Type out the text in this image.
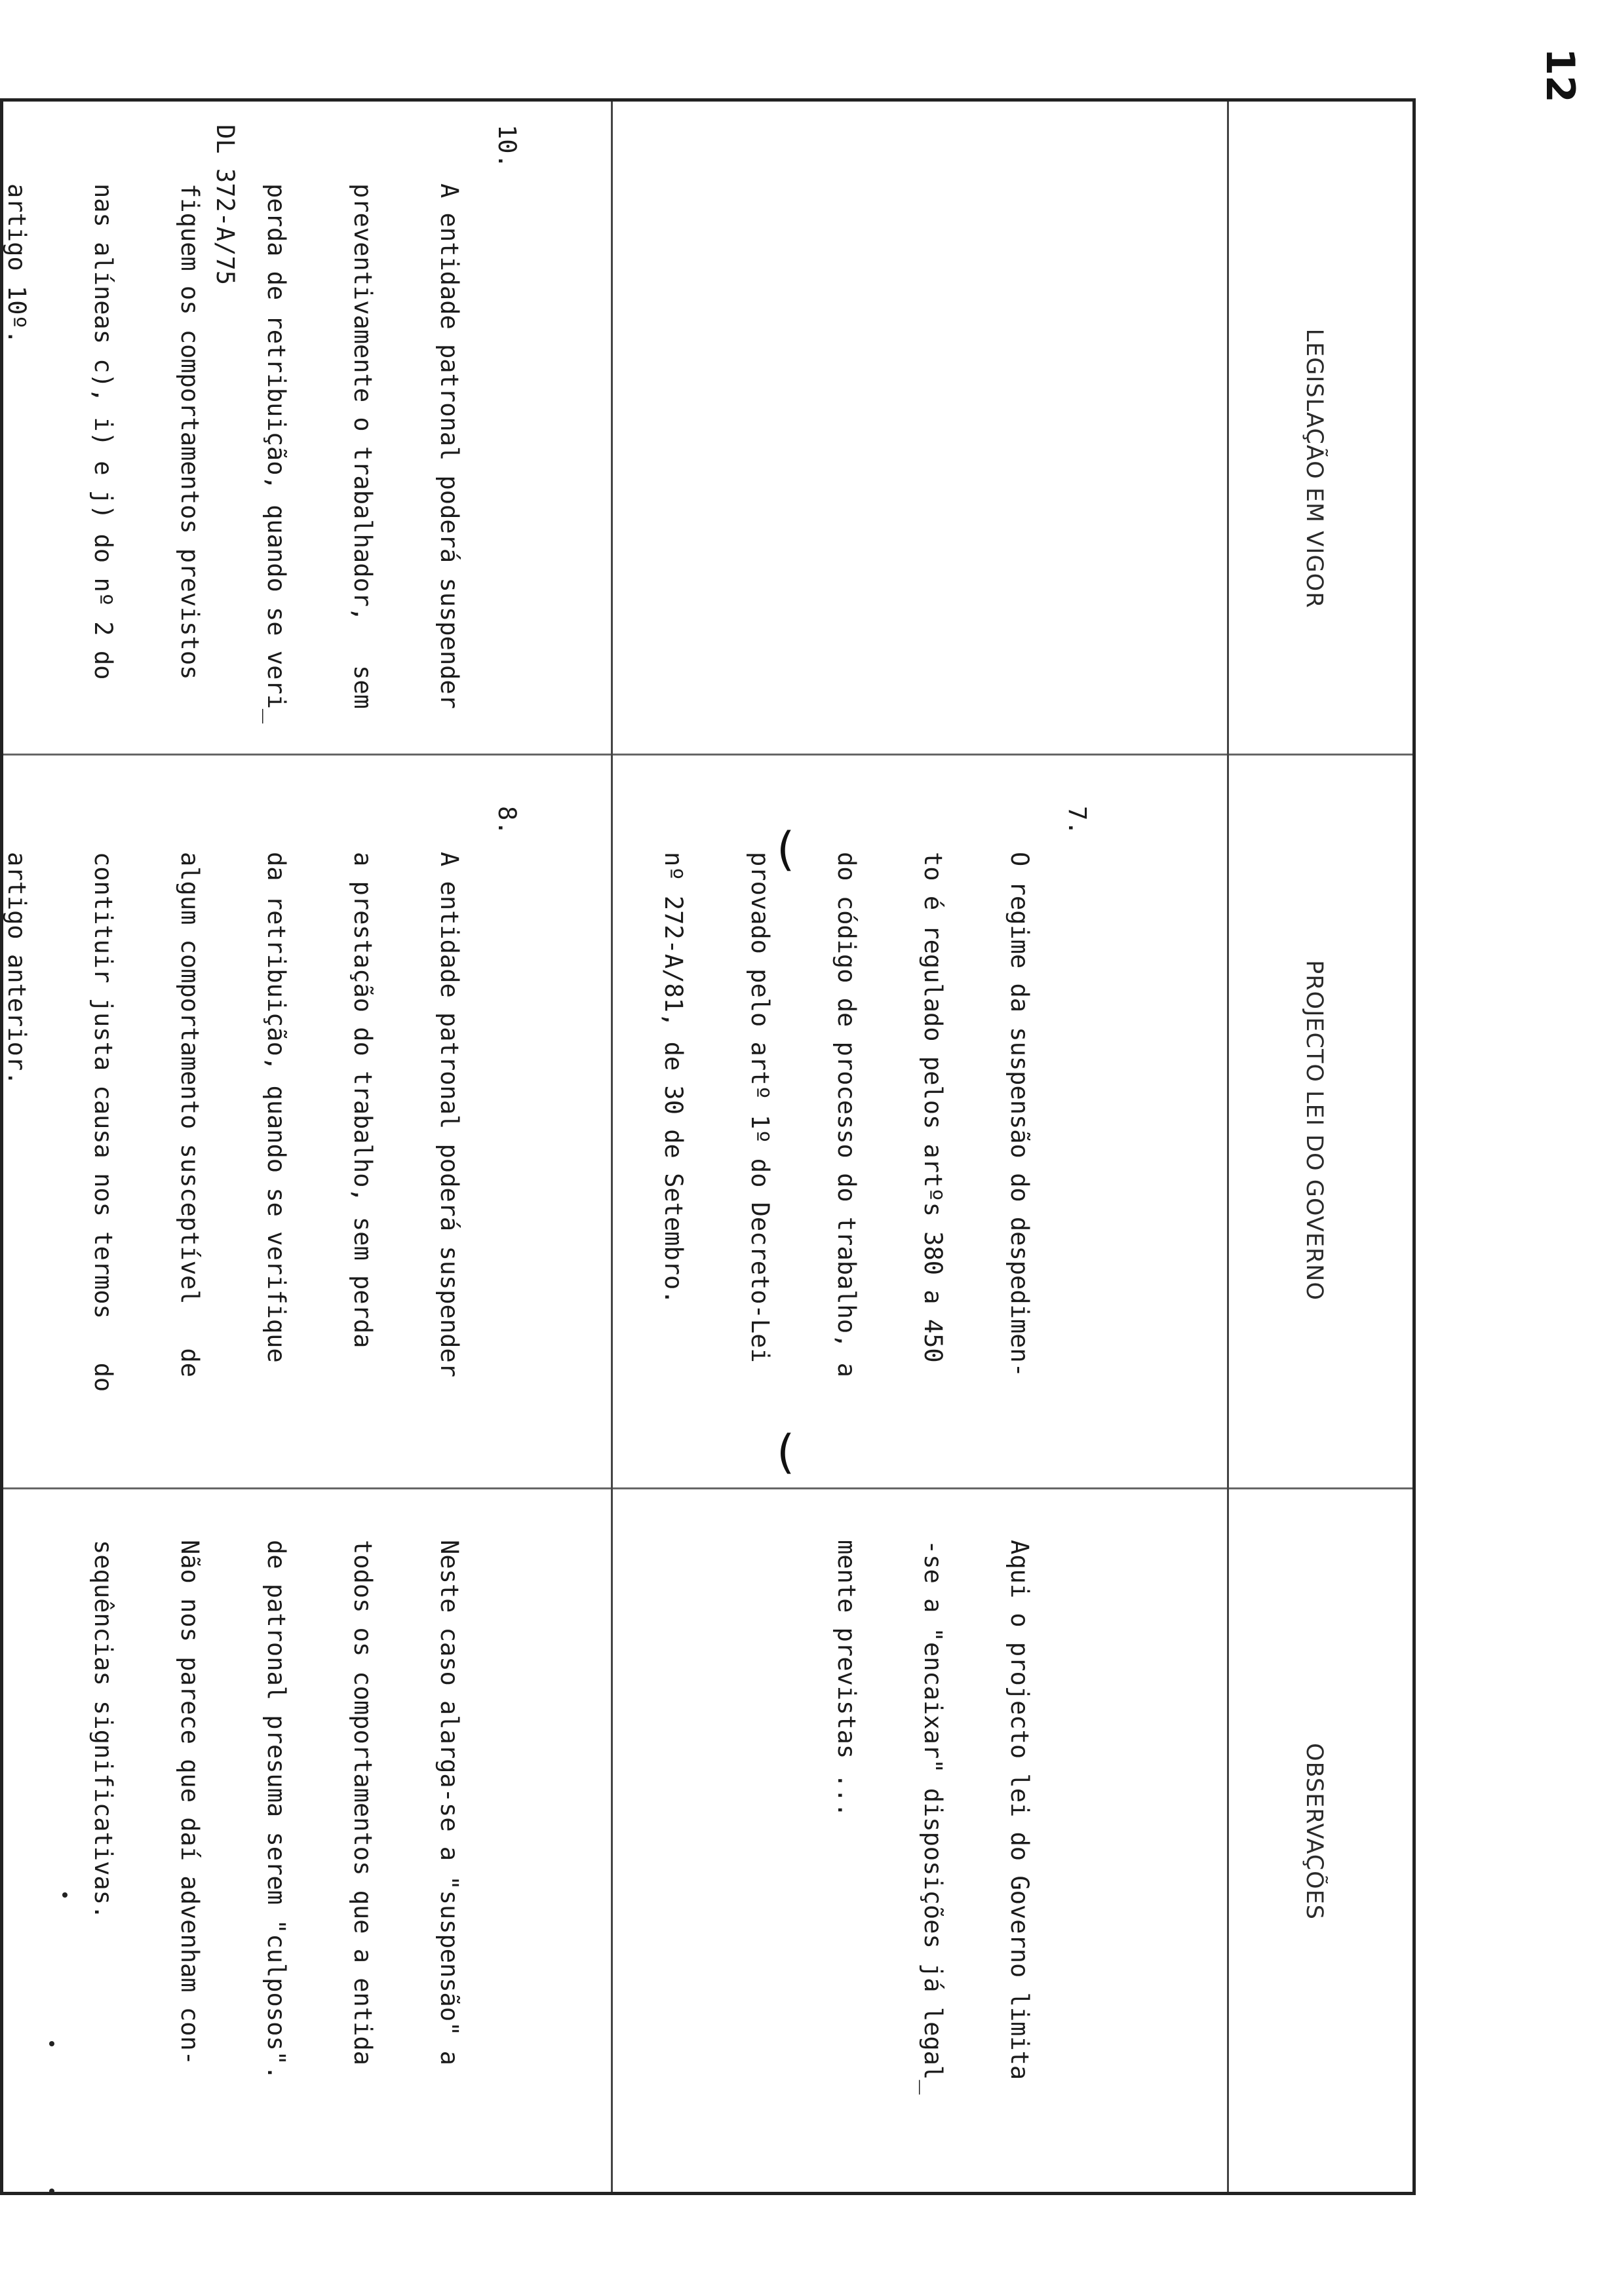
12
(
(
LEGISLAÇÃO EM VIGOR
PROJECTO LEI DO GOVERNO
OBSERVAÇÕES
7.

O regime da suspensão do despedimen-

to é regulado pelos artºs 380 a 450

do código de processo do trabalho, a

provado pelo artº 1º do Decreto-Lei

nº 272-A/81, de 30 de Setembro.

Aqui o projecto lei do Governo limita

-se a "encaixar" disposições já legal_

mente previstas ...

10.

A entidade patronal poderá suspender

preventivamente o trabalhador,   sem

perda de retribuição, quando se veri_

fiquem os comportamentos previstos

nas alíneas c), i) e j) do nº 2 do

artigo 10º.

	DL 372-A/75
8.

A entidade patronal poderá suspender

a prestação do trabalho, sem perda

da retribuição, quando se verifique

algum comportamento susceptível   de

contituir justa causa nos termos   do

artigo anterior.

Neste caso alarga-se a "suspensão" a

todos os comportamentos que a entida

de patronal presuma serem "culposos".

Não nos parece que daí advenham con-

sequências significativas.
